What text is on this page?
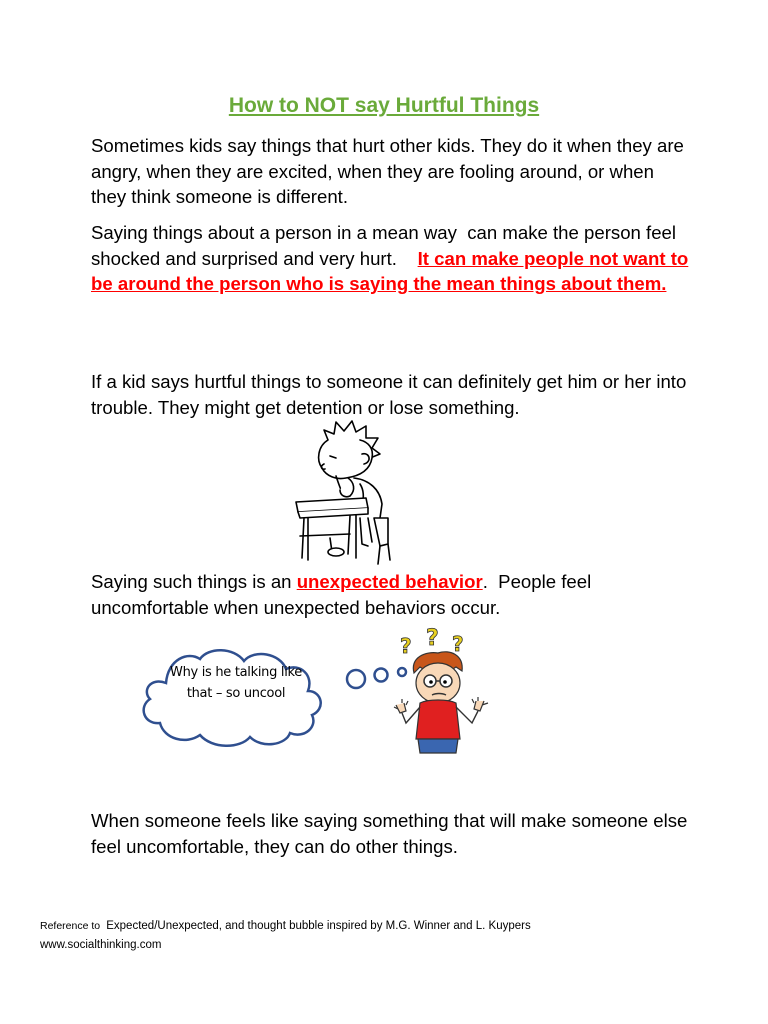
How to NOT say Hurtful Things

Sometimes kids say things that hurt other kids. They do it when they are angry, when they are excited, when they are fooling around, or when they think someone is different.

Saying things about a person in a mean way  can make the person feel shocked and surprised and very hurt.    It can make people not want to be around the person who is saying the mean things about them.

If a kid says hurtful things to someone it can definitely get him or her into trouble. They might get detention or lose something.

Saying such things is an unexpected behavior.  People feel uncomfortable when unexpected behaviors occur.

Why is he talking like that – so uncool
? ? ?

When someone feels like saying something that will make someone else feel uncomfortable, they can do other things.

Reference to  Expected/Unexpected, and thought bubble inspired by M.G. Winner and L. Kuypers
www.socialthinking.com
